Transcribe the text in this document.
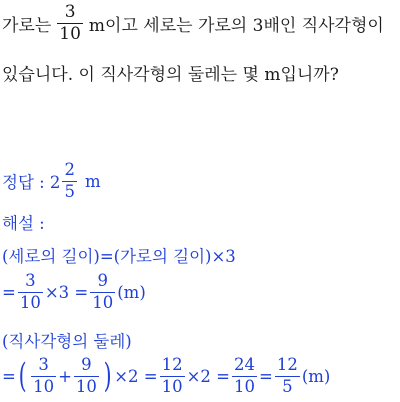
가로는 $\frac{3}{10}$ m이고 세로는 가로의 3배인 직사각형이
있습니다. 이 직사각형의 둘레는 몇 m입니까?
정답 : $2 \frac{2}{5}$ m
해설 :
(세로의 길이)=(가로의 길이)×3
= $\frac{3}{10} \times 3 = \frac{9}{10} (m)$
(직사각형의 둘레)
= ( $\frac{3}{10} + \frac{9}{10}$ ) $\times 2 = \frac{12}{10} \times 2 = \frac{24}{10} = \frac{12}{5} (m)$
